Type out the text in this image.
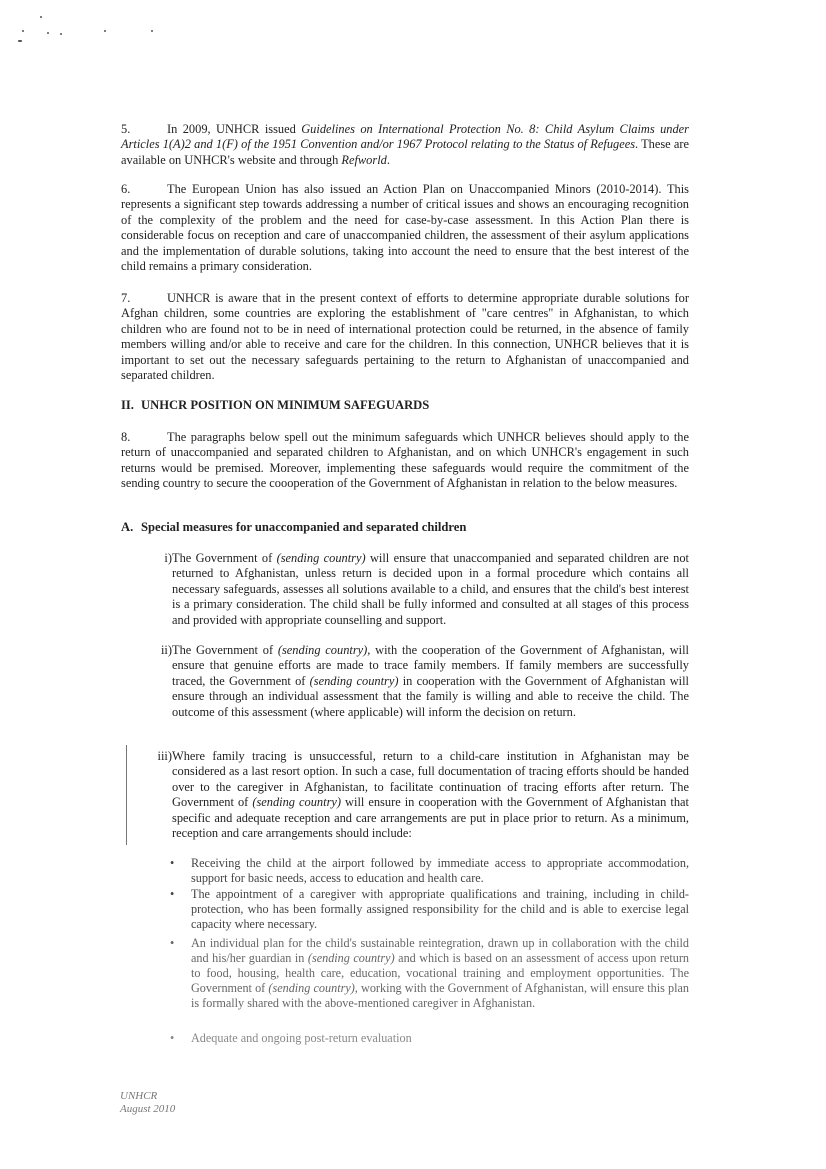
5.	In 2009, UNHCR issued Guidelines on International Protection No. 8: Child Asylum Claims under Articles 1(A)2 and 1(F) of the 1951 Convention and/or 1967 Protocol relating to the Status of Refugees. These are available on UNHCR's website and through Refworld.
6.	The European Union has also issued an Action Plan on Unaccompanied Minors (2010-2014). This represents a significant step towards addressing a number of critical issues and shows an encouraging recognition of the complexity of the problem and the need for case-by-case assessment. In this Action Plan there is considerable focus on reception and care of unaccompanied children, the assessment of their asylum applications and the implementation of durable solutions, taking into account the need to ensure that the best interest of the child remains a primary consideration.
7.	UNHCR is aware that in the present context of efforts to determine appropriate durable solutions for Afghan children, some countries are exploring the establishment of "care centres" in Afghanistan, to which children who are found not to be in need of international protection could be returned, in the absence of family members willing and/or able to receive and care for the children. In this connection, UNHCR believes that it is important to set out the necessary safeguards pertaining to the return to Afghanistan of unaccompanied and separated children.
II. UNHCR POSITION ON MINIMUM SAFEGUARDS
8.	The paragraphs below spell out the minimum safeguards which UNHCR believes should apply to the return of unaccompanied and separated children to Afghanistan, and on which UNHCR's engagement in such returns would be premised. Moreover, implementing these safeguards would require the commitment of the sending country to secure the coooperation of the Government of Afghanistan in relation to the below measures.
A. Special measures for unaccompanied and separated children
i) The Government of (sending country) will ensure that unaccompanied and separated children are not returned to Afghanistan, unless return is decided upon in a formal procedure which contains all necessary safeguards, assesses all solutions available to a child, and ensures that the child's best interest is a primary consideration. The child shall be fully informed and consulted at all stages of this process and provided with appropriate counselling and support.
ii) The Government of (sending country), with the cooperation of the Government of Afghanistan, will ensure that genuine efforts are made to trace family members. If family members are successfully traced, the Government of (sending country) in cooperation with the Government of Afghanistan will ensure through an individual assessment that the family is willing and able to receive the child. The outcome of this assessment (where applicable) will inform the decision on return.
iii) Where family tracing is unsuccessful, return to a child-care institution in Afghanistan may be considered as a last resort option. In such a case, full documentation of tracing efforts should be handed over to the caregiver in Afghanistan, to facilitate continuation of tracing efforts after return. The Government of (sending country) will ensure in cooperation with the Government of Afghanistan that specific and adequate reception and care arrangements are put in place prior to return. As a minimum, reception and care arrangements should include:
• Receiving the child at the airport followed by immediate access to appropriate accommodation, support for basic needs, access to education and health care.
• The appointment of a caregiver with appropriate qualifications and training, including in child-protection, who has been formally assigned responsibility for the child and is able to exercise legal capacity where necessary.
• An individual plan for the child's sustainable reintegration, drawn up in collaboration with the child and his/her guardian in (sending country) and which is based on an assessment of access upon return to food, housing, health care, education, vocational training and employment opportunities. The Government of (sending country), working with the Government of Afghanistan, will ensure this plan is formally shared with the above-mentioned caregiver in Afghanistan.
• Adequate and ongoing post-return evaluation
UNHCR
August 2010
